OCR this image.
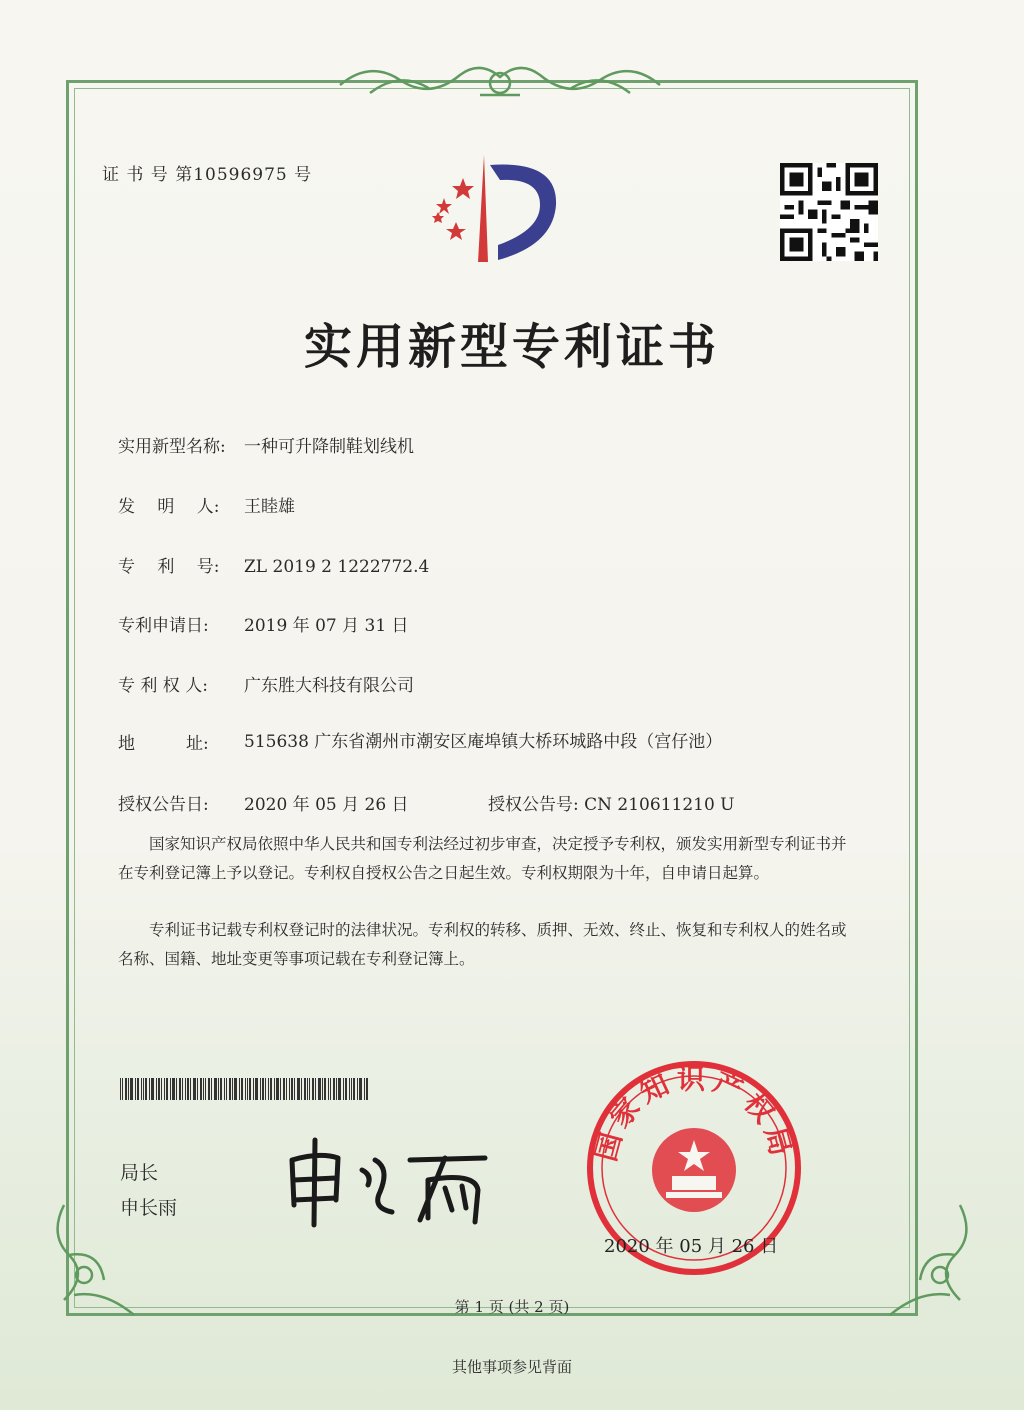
证 书 号 第10596975 号
实用新型专利证书
实用新型名称: 一种可升降制鞋划线机
发　 明 　人: 王睦雄
专　 利 　号: ZL 2019 2 1222772.4
专利申请日: 2019 年 07 月 31 日
专 利 权 人: 广东胜大科技有限公司
地　　　址:	515638 广东省潮州市潮安区庵埠镇大桥环城路中段（宫仔池）
授权公告日: 2020 年 05 月 26 日	授权公告号: CN 210611210 U
国家知识产权局依照中华人民共和国专利法经过初步审查，决定授予专利权，颁发实用新型专利证书并在专利登记簿上予以登记。专利权自授权公告之日起生效。专利权期限为十年，自申请日起算。
专利证书记载专利权登记时的法律状况。专利权的转移、质押、无效、终止、恢复和专利权人的姓名或名称、国籍、地址变更等事项记载在专利登记簿上。
局长
申长雨
国家知识产权局
2020 年 05 月 26 日
第 1 页 (共 2 页)
其他事项参见背面
